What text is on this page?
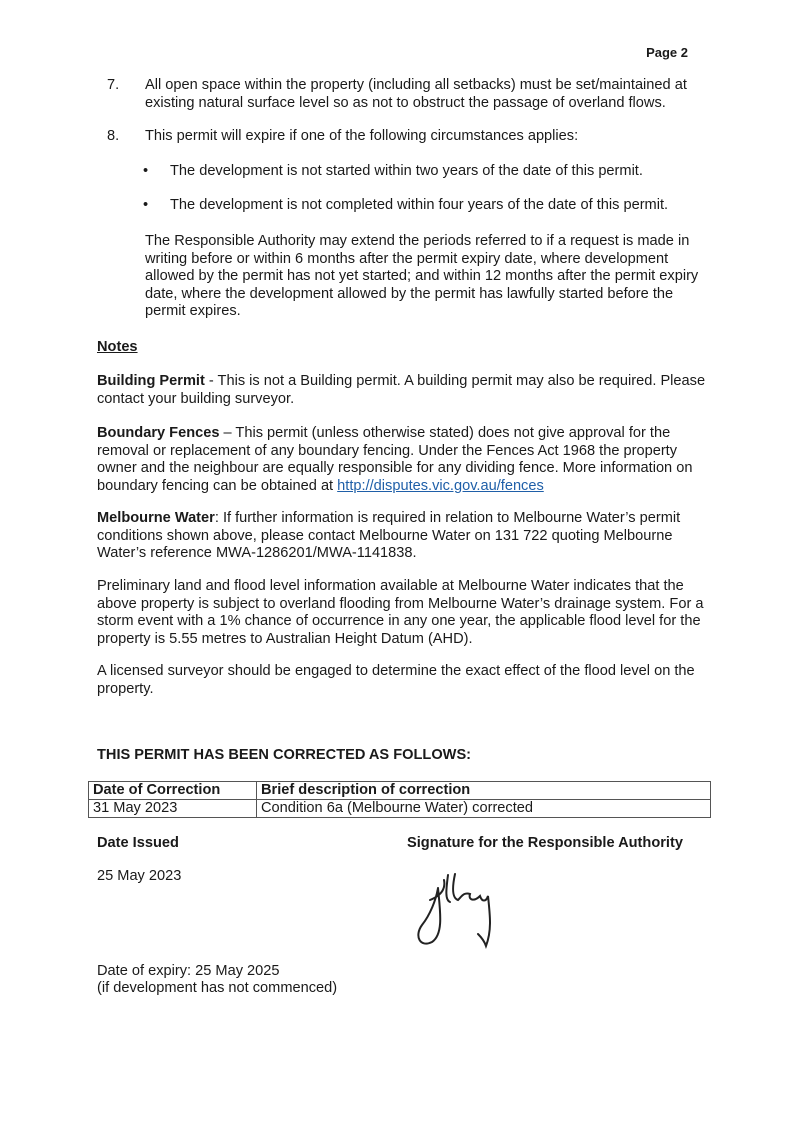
Page 2
7. All open space within the property (including all setbacks) must be set/maintained at existing natural surface level so as not to obstruct the passage of overland flows.
8. This permit will expire if one of the following circumstances applies:
• The development is not started within two years of the date of this permit.
• The development is not completed within four years of the date of this permit.
The Responsible Authority may extend the periods referred to if a request is made in writing before or within 6 months after the permit expiry date, where development allowed by the permit has not yet started; and within 12 months after the permit expiry date, where the development allowed by the permit has lawfully started before the permit expires.
Notes
Building Permit - This is not a Building permit. A building permit may also be required. Please contact your building surveyor.
Boundary Fences – This permit (unless otherwise stated) does not give approval for the removal or replacement of any boundary fencing. Under the Fences Act 1968 the property owner and the neighbour are equally responsible for any dividing fence. More information on boundary fencing can be obtained at http://disputes.vic.gov.au/fences
Melbourne Water: If further information is required in relation to Melbourne Water’s permit conditions shown above, please contact Melbourne Water on 131 722 quoting Melbourne Water’s reference MWA-1286201/MWA-1141838.
Preliminary land and flood level information available at Melbourne Water indicates that the above property is subject to overland flooding from Melbourne Water’s drainage system. For a storm event with a 1% chance of occurrence in any one year, the applicable flood level for the property is 5.55 metres to Australian Height Datum (AHD).
A licensed surveyor should be engaged to determine the exact effect of the flood level on the property.
THIS PERMIT HAS BEEN CORRECTED AS FOLLOWS:
Date of Correction	Brief description of correction
31 May 2023	Condition 6a (Melbourne Water) corrected
Date Issued	Signature for the Responsible Authority
25 May 2023
Date of expiry: 25 May 2025
(if development has not commenced)
